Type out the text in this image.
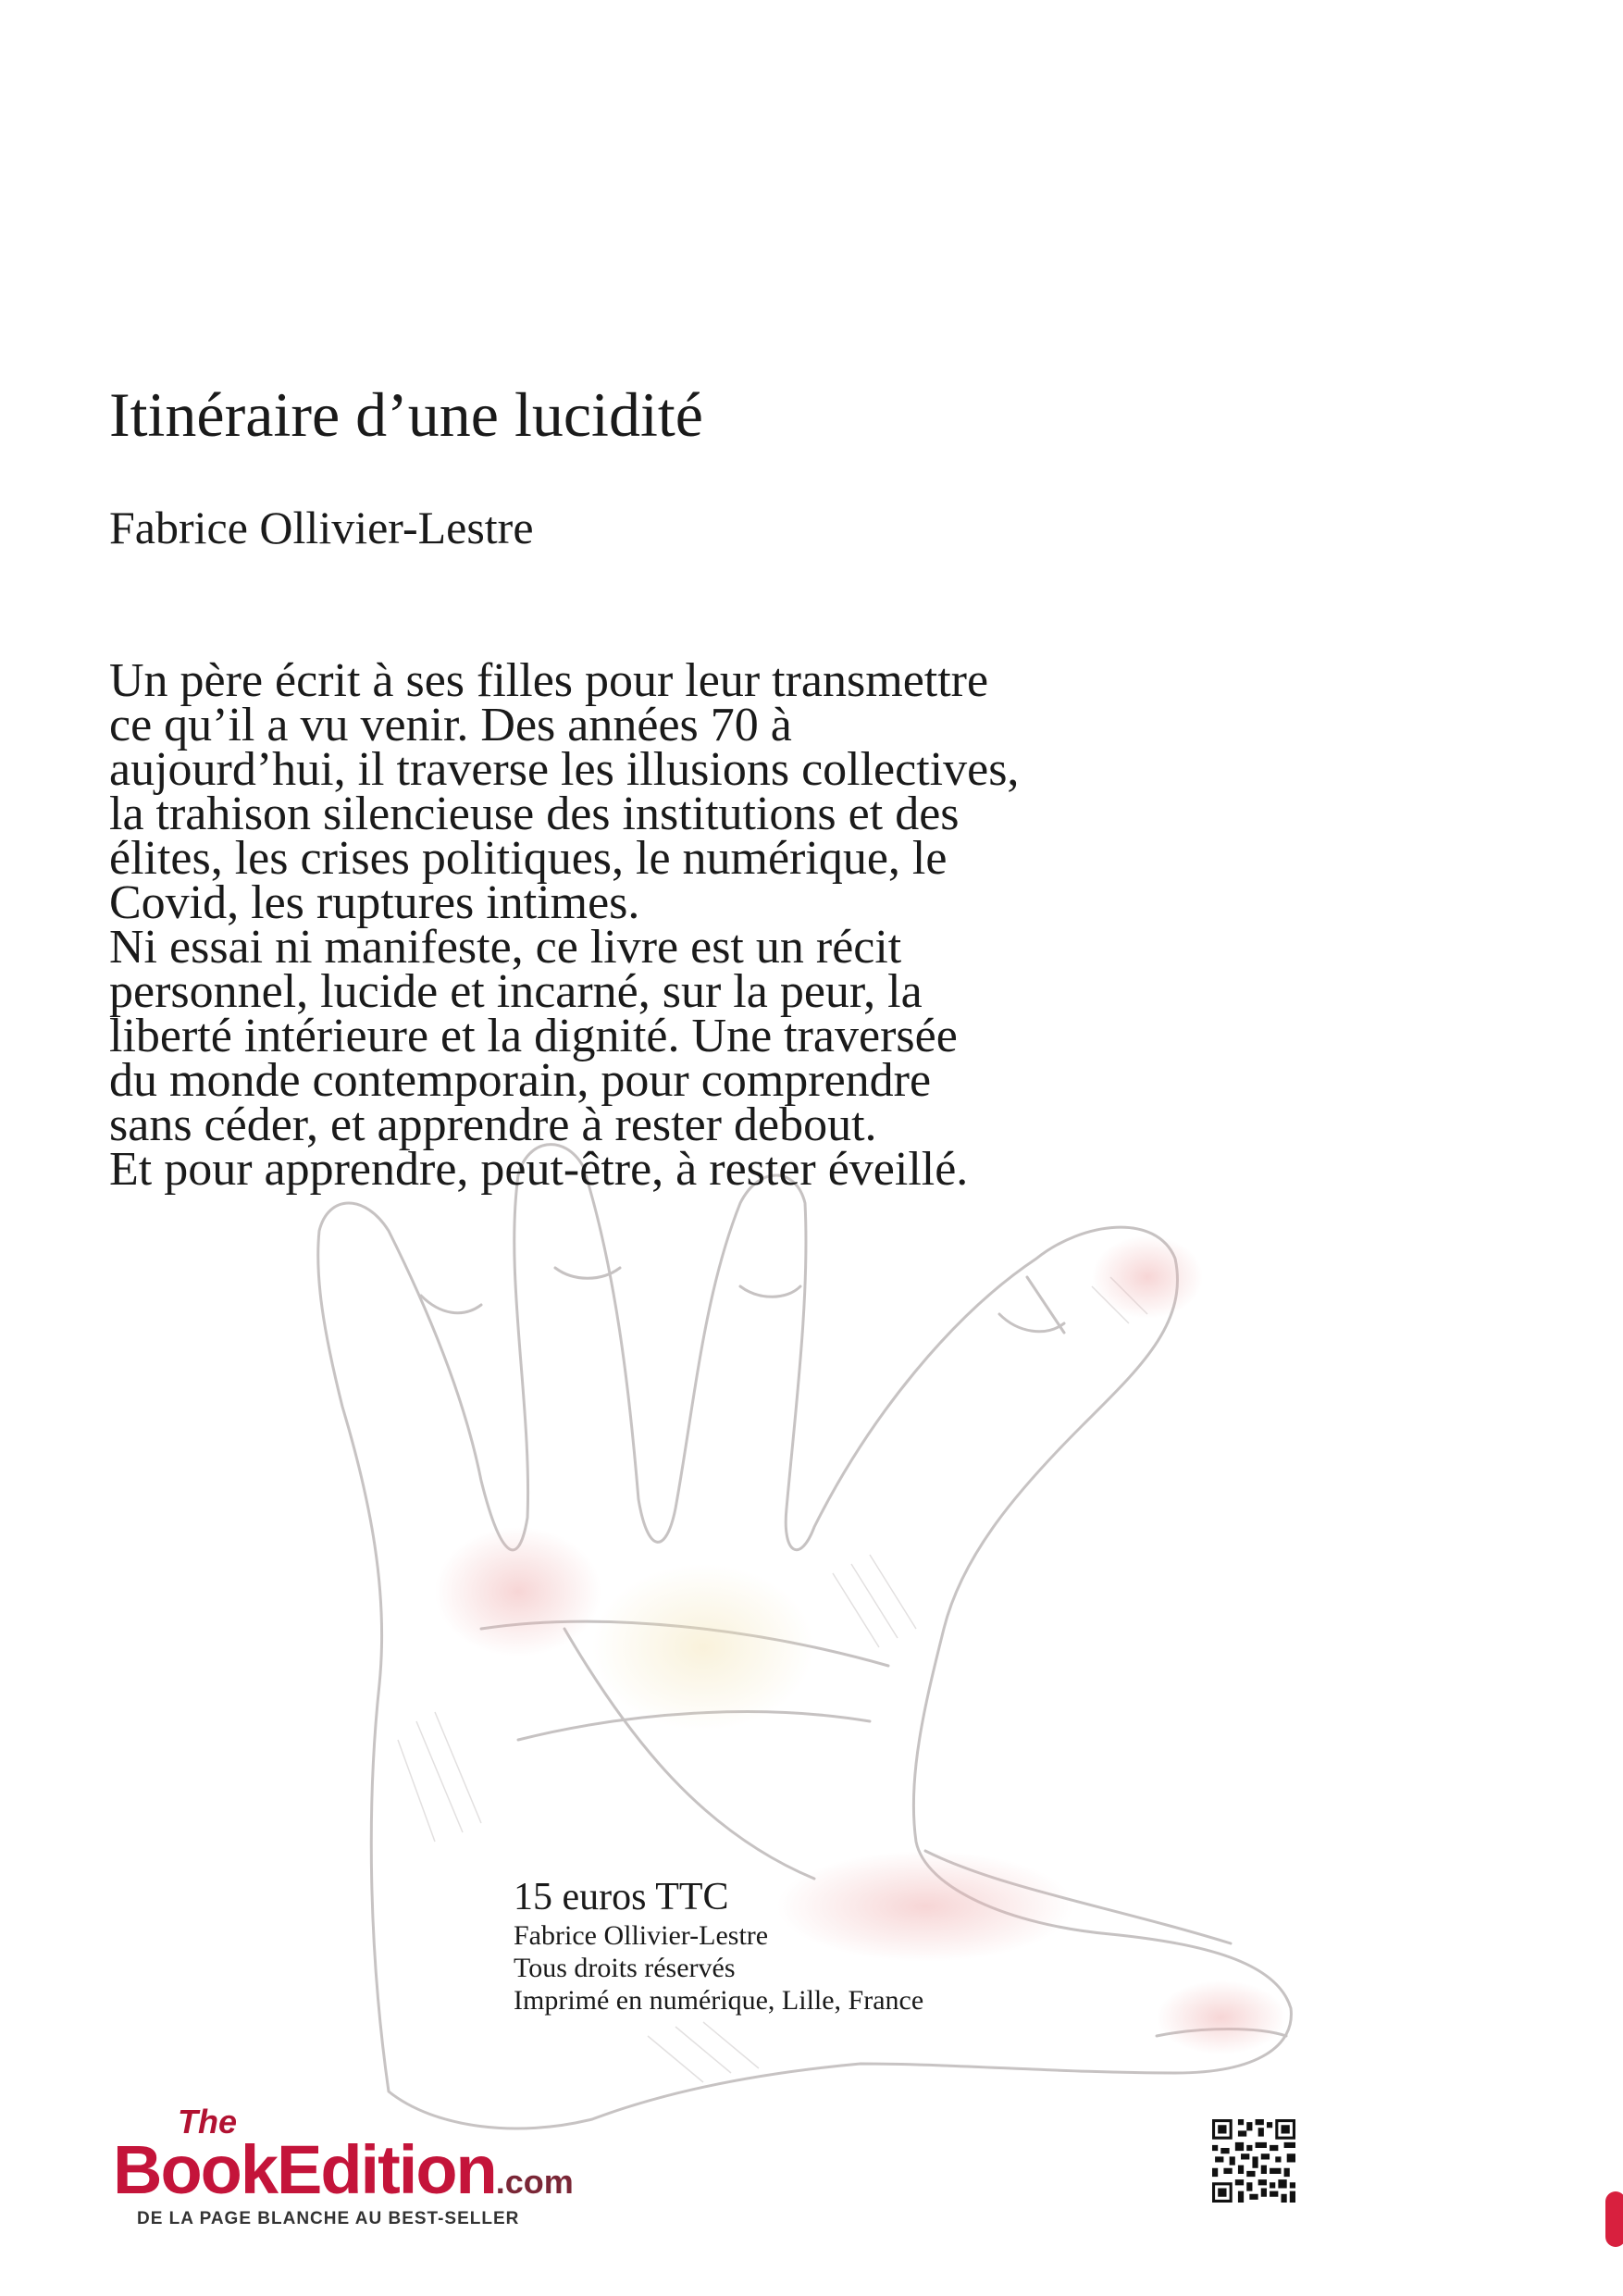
Itinéraire d’une lucidité
Fabrice Ollivier-Lestre
Un père écrit à ses filles pour leur transmettre
ce qu’il a vu venir. Des années 70 à
aujourd’hui, il traverse les illusions collectives,
la trahison silencieuse des institutions et des
élites, les crises politiques, le numérique, le
Covid, les ruptures intimes.
Ni essai ni manifeste, ce livre est un récit
personnel, lucide et incarné, sur la peur, la
liberté intérieure et la dignité. Une traversée
du monde contemporain, pour comprendre
sans céder, et apprendre à rester debout.
Et pour apprendre, peut-être, à rester éveillé.
15 euros TTC
Fabrice Ollivier-Lestre
Tous droits réservés
Imprimé en numérique, Lille, France
The
BookEdition.com
DE LA PAGE BLANCHE AU BEST-SELLER
